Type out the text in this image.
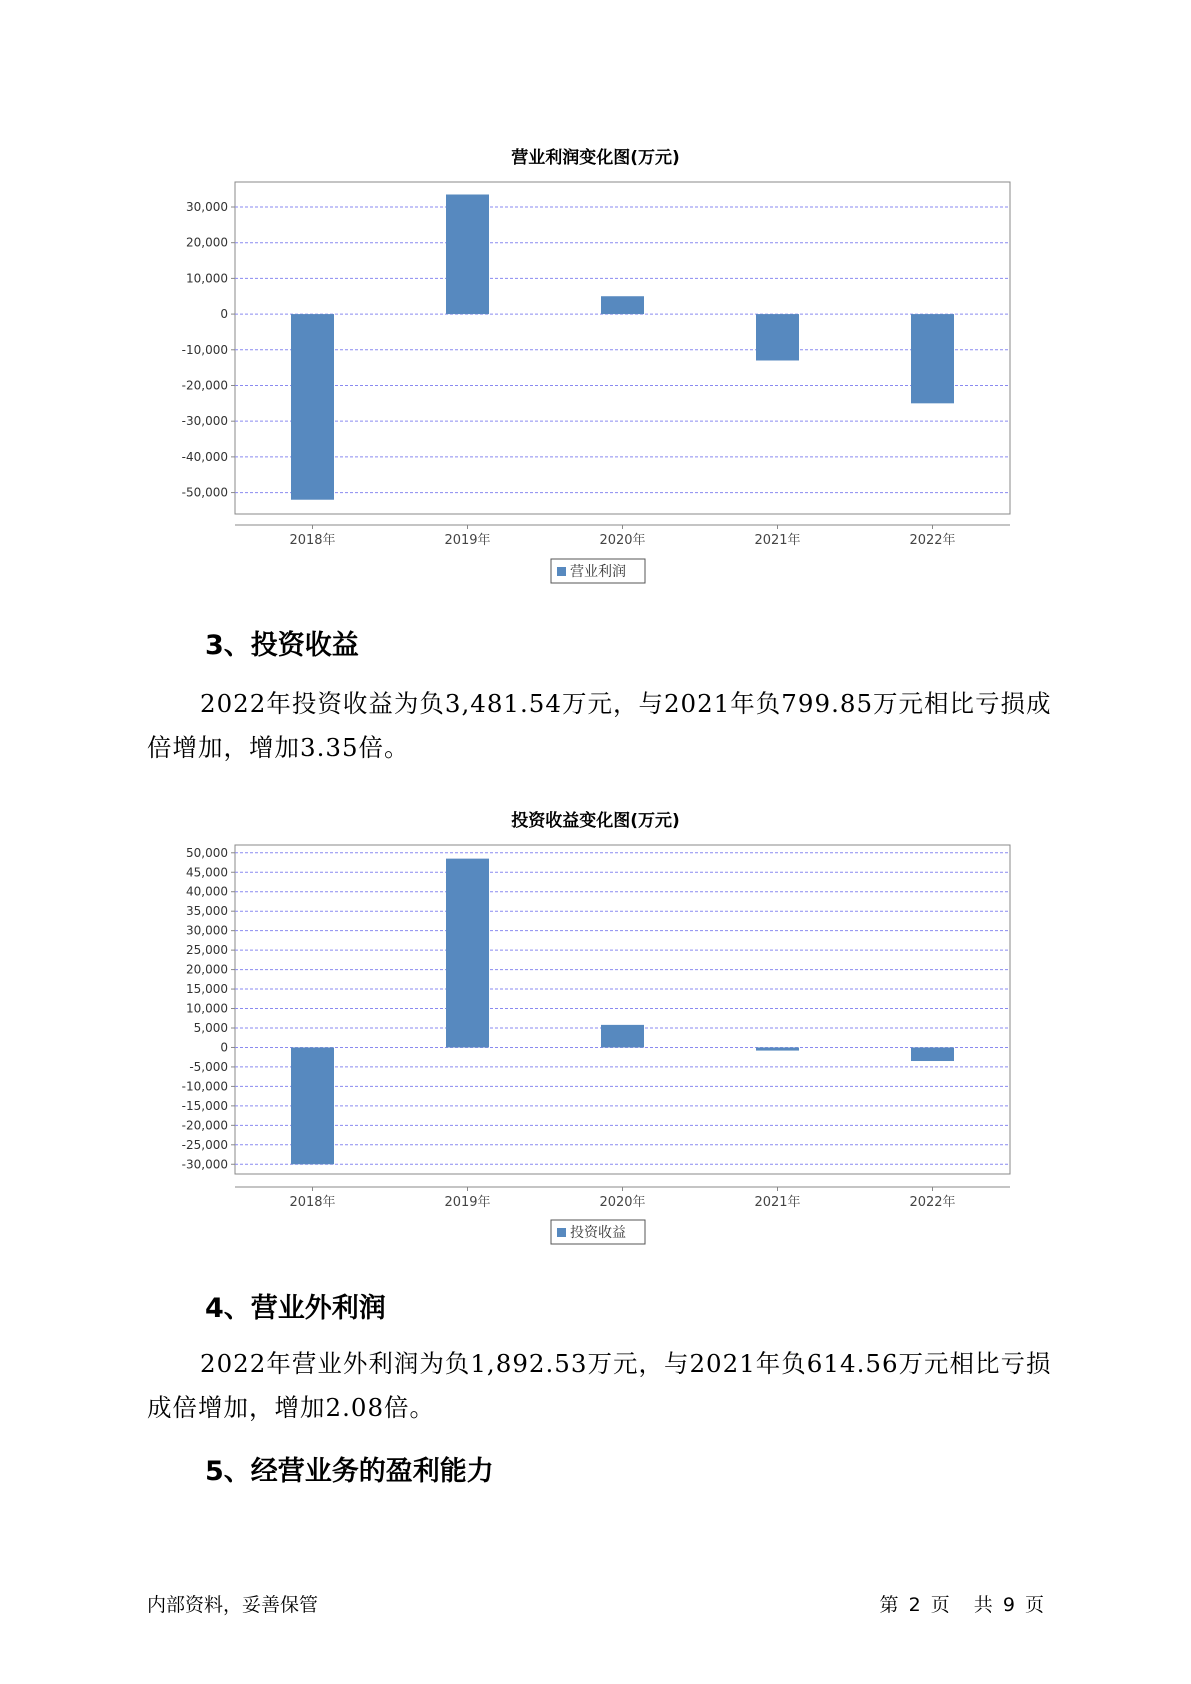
营业利润变化图(万元)
30,000
20,000
10,000
0
-10,000
-20,000
-30,000
-40,000
-50,000
2018年	2019年	2020年	2021年	2022年
营业利润
3、投资收益

2022年投资收益为负3,481.54万元，与2021年负799.85万元相比亏损成倍增加，增加3.35倍。

投资收益变化图(万元)
50,000
45,000
40,000
35,000
30,000
25,000
20,000
15,000
10,000
5,000
0
-5,000
-10,000
-15,000
-20,000
-25,000
-30,000
2018年	2019年	2020年	2021年	2022年
投资收益
4、营业外利润

2022年营业外利润为负1,892.53万元，与2021年负614.56万元相比亏损成倍增加，增加2.08倍。

5、经营业务的盈利能力
内部资料，妥善保管	第 2 页 共 9 页
